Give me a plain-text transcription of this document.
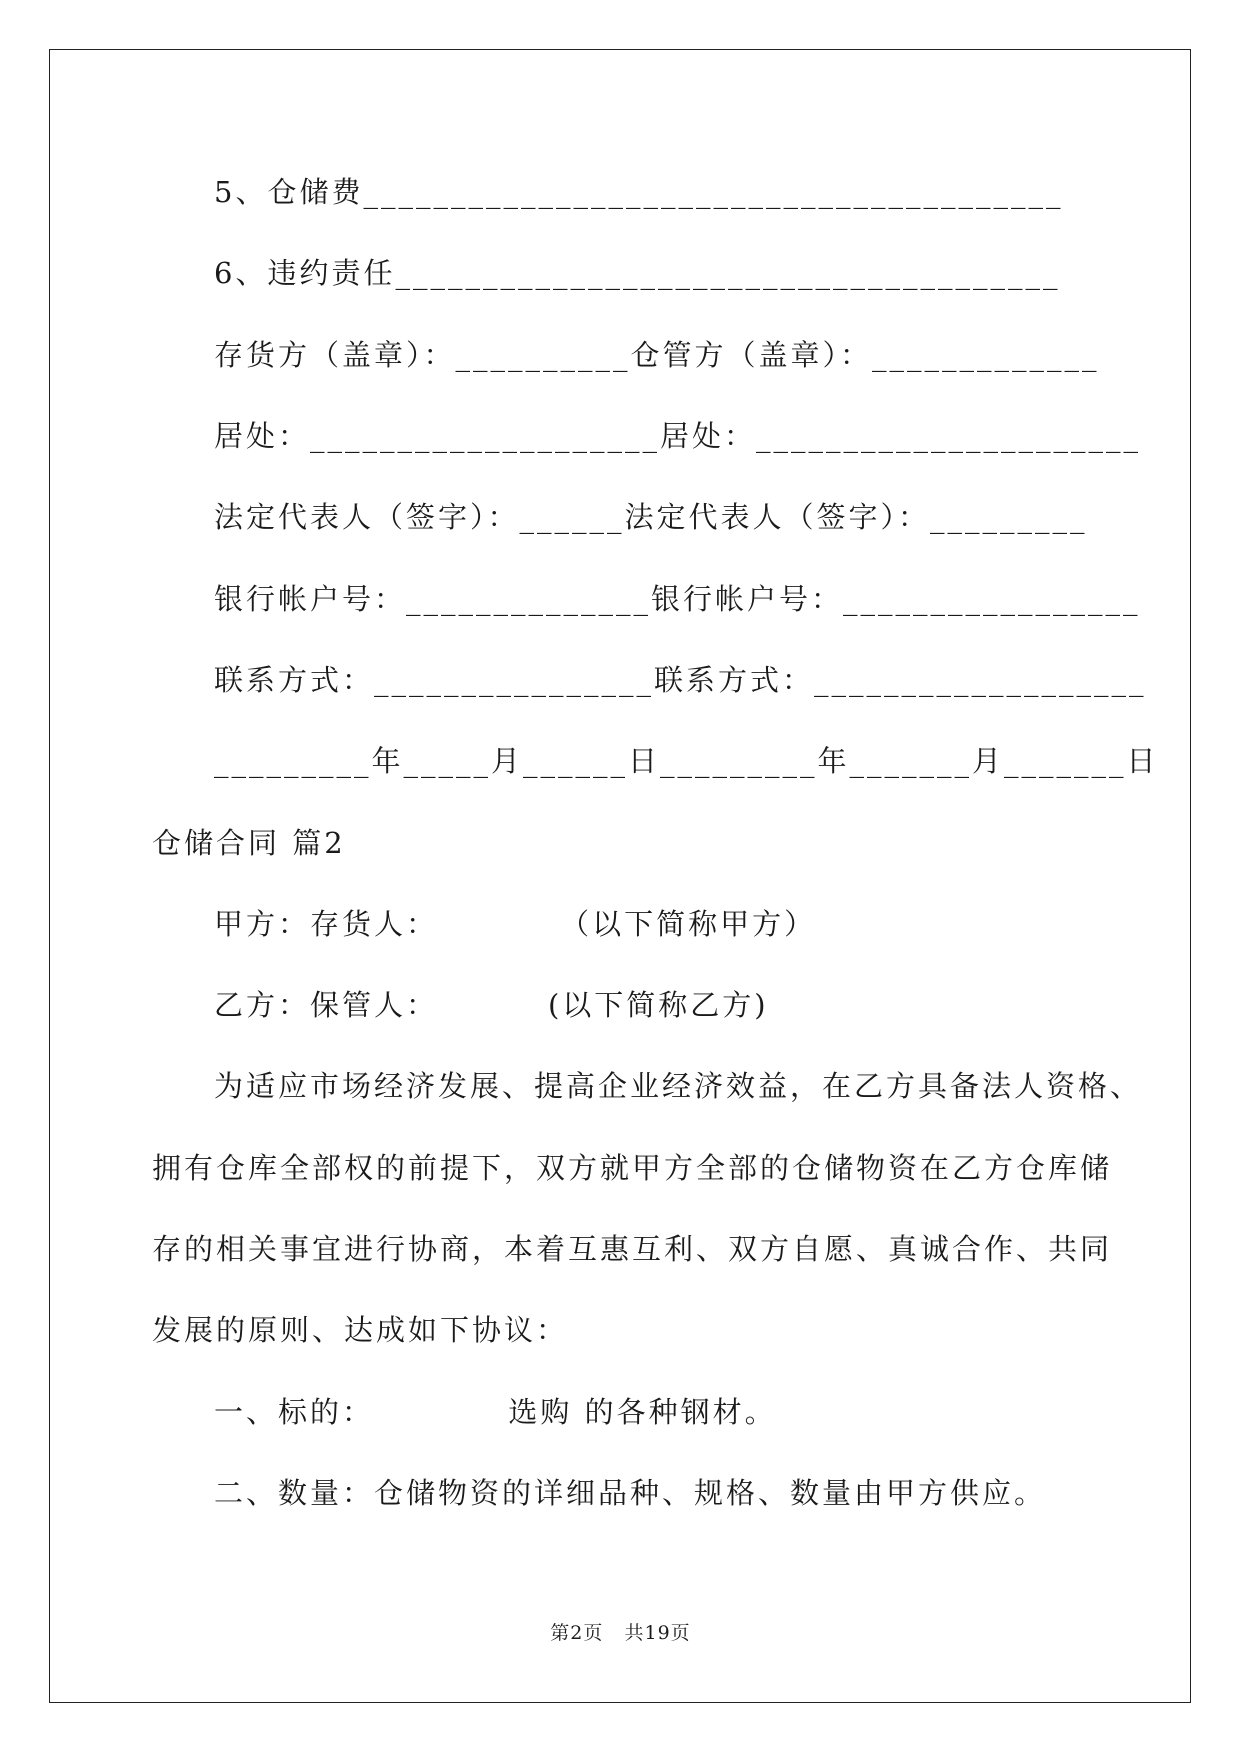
5、仓储费________________________________________
6、违约责任______________________________________
存货方（盖章）：__________仓管方（盖章）：_____________
居处：____________________居处：______________________
法定代表人（签字）：______法定代表人（签字）：_________
银行帐户号：______________银行帐户号：_________________
联系方式：________________联系方式：___________________
_________年_____月______日_________年_______月_______日
仓储合同 篇2
甲方：存货人：          （以下简称甲方）
乙方：保管人：         (以下简称乙方)
为适应市场经济发展、提高企业经济效益，在乙方具备法人资格、
拥有仓库全部权的前提下，双方就甲方全部的仓储物资在乙方仓库储
存的相关事宜进行协商，本着互惠互利、双方自愿、真诚合作、共同
发展的原则、达成如下协议：
一、标的：           选购 的各种钢材。
二、数量：仓储物资的详细品种、规格、数量由甲方供应。
第2页   共19页
